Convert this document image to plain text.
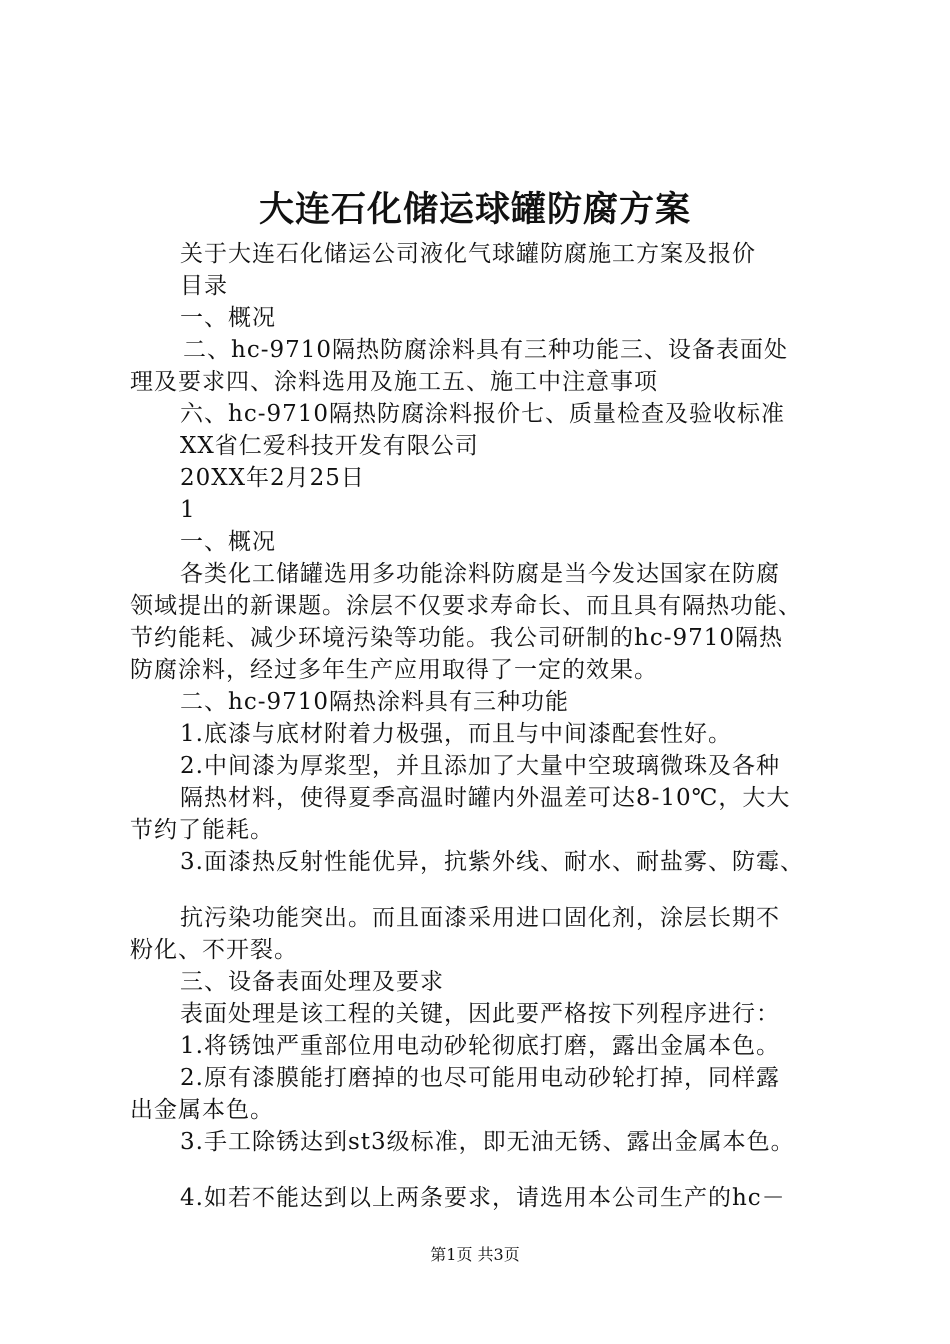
大连石化储运球罐防腐方案
关于大连石化储运公司液化气球罐防腐施工方案及报价
目录
一、概况
二、hc-9710隔热防腐涂料具有三种功能三、设备表面处
理及要求四、涂料选用及施工五、施工中注意事项
六、hc-9710隔热防腐涂料报价七、质量检查及验收标准
XX省仁爱科技开发有限公司
20XX年2月25日
1
一、概况
各类化工储罐选用多功能涂料防腐是当今发达国家在防腐
领域提出的新课题。涂层不仅要求寿命长、而且具有隔热功能、
节约能耗、减少环境污染等功能。我公司研制的hc-9710隔热
防腐涂料，经过多年生产应用取得了一定的效果。
二、hc-9710隔热涂料具有三种功能
1.底漆与底材附着力极强，而且与中间漆配套性好。
2.中间漆为厚浆型，并且添加了大量中空玻璃微珠及各种
隔热材料，使得夏季高温时罐内外温差可达8-10℃，大大
节约了能耗。
3.面漆热反射性能优异，抗紫外线、耐水、耐盐雾、防霉、
抗污染功能突出。而且面漆采用进口固化剂，涂层长期不
粉化、不开裂。
三、设备表面处理及要求
表面处理是该工程的关键，因此要严格按下列程序进行：
1.将锈蚀严重部位用电动砂轮彻底打磨，露出金属本色。
2.原有漆膜能打磨掉的也尽可能用电动砂轮打掉，同样露
出金属本色。
3.手工除锈达到st3级标准，即无油无锈、露出金属本色。
4.如若不能达到以上两条要求，请选用本公司生产的hc－
第1页 共3页
